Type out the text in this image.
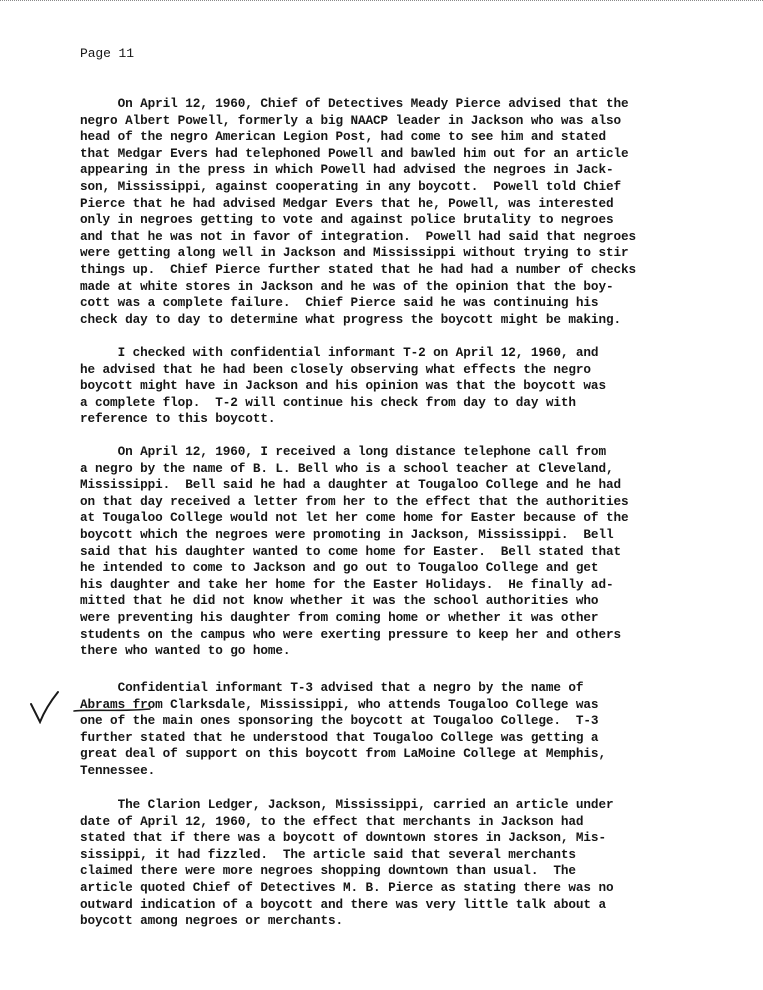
Page 11

On April 12, 1960, Chief of Detectives Meady Pierce advised that the
negro Albert Powell, formerly a big NAACP leader in Jackson who was also
head of the negro American Legion Post, had come to see him and stated
that Medgar Evers had telephoned Powell and bawled him out for an article
appearing in the press in which Powell had advised the negroes in Jack-
son, Mississippi, against cooperating in any boycott.  Powell told Chief
Pierce that he had advised Medgar Evers that he, Powell, was interested
only in negroes getting to vote and against police brutality to negroes
and that he was not in favor of integration.  Powell had said that negroes
were getting along well in Jackson and Mississippi without trying to stir
things up.  Chief Pierce further stated that he had had a number of checks
made at white stores in Jackson and he was of the opinion that the boy-
cott was a complete failure.  Chief Pierce said he was continuing his
check day to day to determine what progress the boycott might be making.
I checked with confidential informant T-2 on April 12, 1960, and
he advised that he had been closely observing what effects the negro
boycott might have in Jackson and his opinion was that the boycott was
a complete flop.  T-2 will continue his check from day to day with
reference to this boycott.
On April 12, 1960, I received a long distance telephone call from
a negro by the name of B. L. Bell who is a school teacher at Cleveland,
Mississippi.  Bell said he had a daughter at Tougaloo College and he had
on that day received a letter from her to the effect that the authorities
at Tougaloo College would not let her come home for Easter because of the
boycott which the negroes were promoting in Jackson, Mississippi.  Bell
said that his daughter wanted to come home for Easter.  Bell stated that
he intended to come to Jackson and go out to Tougaloo College and get
his daughter and take her home for the Easter Holidays.  He finally ad-
mitted that he did not know whether it was the school authorities who
were preventing his daughter from coming home or whether it was other
students on the campus who were exerting pressure to keep her and others
there who wanted to go home.
Confidential informant T-3 advised that a negro by the name of
Abrams from Clarksdale, Mississippi, who attends Tougaloo College was
one of the main ones sponsoring the boycott at Tougaloo College.  T-3
further stated that he understood that Tougaloo College was getting a
great deal of support on this boycott from LaMoine College at Memphis,
Tennessee.
The Clarion Ledger, Jackson, Mississippi, carried an article under
date of April 12, 1960, to the effect that merchants in Jackson had
stated that if there was a boycott of downtown stores in Jackson, Mis-
sissippi, it had fizzled.  The article said that several merchants
claimed there were more negroes shopping downtown than usual.  The
article quoted Chief of Detectives M. B. Pierce as stating there was no
outward indication of a boycott and there was very little talk about a
boycott among negroes or merchants.
